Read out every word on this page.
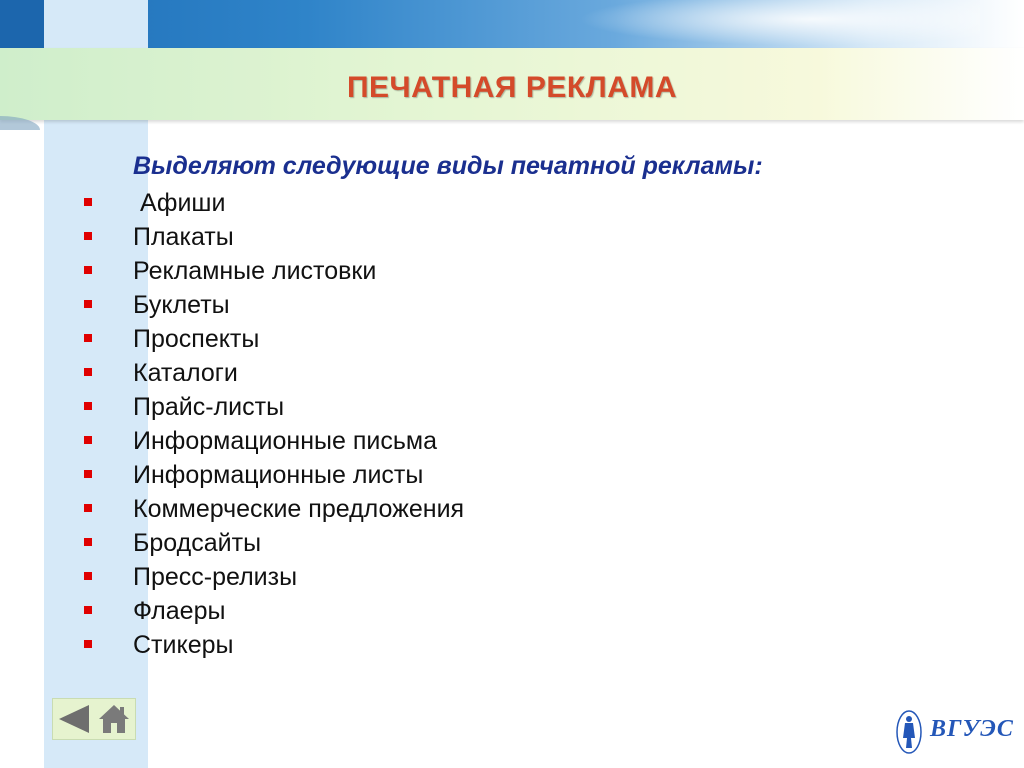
ПЕЧАТНАЯ РЕКЛАМА
Выделяют следующие виды печатной рекламы:
Афиши
Плакаты
Рекламные листовки
Буклеты
Проспекты
Каталоги
Прайс-листы
Информационные письма
Информационные листы
Коммерческие предложения
Бродсайты
Пресс-релизы
Флаеры
Стикеры
ВГУЭС
